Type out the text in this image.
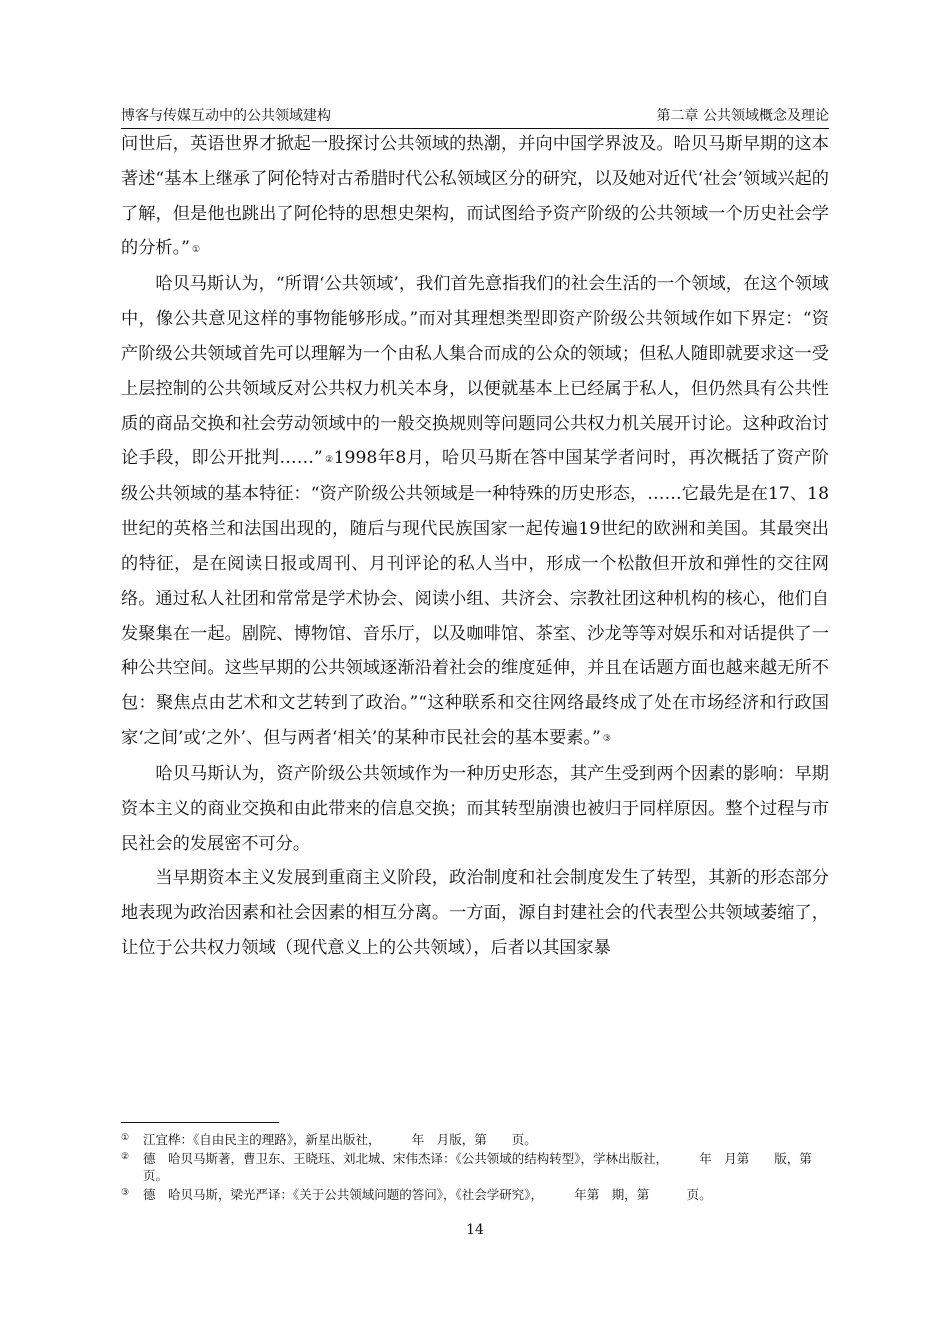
博客与传媒互动中的公共领域建构	第二章 公共领域概念及理论

问世后，英语世界才掀起一股探讨公共领域的热潮，并向中国学界波及。哈贝马斯早期的这本著述“基本上继承了阿伦特对古希腊时代公私领域区分的研究，以及她对近代‘社会’领域兴起的了解，但是他也跳出了阿伦特的思想史架构，而试图给予资产阶级的公共领域一个历史社会学的分析。” ①

哈贝马斯认为，“所谓‘公共领域’，我们首先意指我们的社会生活的一个领域，在这个领域中，像公共意见这样的事物能够形成。”而对其理想类型即资产阶级公共领域作如下界定：“资产阶级公共领域首先可以理解为一个由私人集合而成的公众的领域；但私人随即就要求这一受上层控制的公共领域反对公共权力机关本身，以便就基本上已经属于私人，但仍然具有公共性质的商品交换和社会劳动领域中的一般交换规则等问题同公共权力机关展开讨论。这种政治讨论手段，即公开批判……” ②1998年8月，哈贝马斯在答中国某学者问时，再次概括了资产阶级公共领域的基本特征：“资产阶级公共领域是一种特殊的历史形态，……它最先是在17、18世纪的英格兰和法国出现的，随后与现代民族国家一起传遍19世纪的欧洲和美国。其最突出的特征，是在阅读日报或周刊、月刊评论的私人当中，形成一个松散但开放和弹性的交往网络。通过私人社团和常常是学术协会、阅读小组、共济会、宗教社团这种机构的核心，他们自发聚集在一起。剧院、博物馆、音乐厅，以及咖啡馆、茶室、沙龙等等对娱乐和对话提供了一种公共空间。这些早期的公共领域逐渐沿着社会的维度延伸，并且在话题方面也越来越无所不包：聚焦点由艺术和文艺转到了政治。”“这种联系和交往网络最终成了处在市场经济和行政国家‘之间’或‘之外’、但与两者‘相关’的某种市民社会的基本要素。” ③

哈贝马斯认为，资产阶级公共领域作为一种历史形态，其产生受到两个因素的影响：早期资本主义的商业交换和由此带来的信息交换；而其转型崩溃也被归于同样原因。整个过程与市民社会的发展密不可分。

当早期资本主义发展到重商主义阶段，政治制度和社会制度发生了转型，其新的形态部分地表现为政治因素和社会因素的相互分离。一方面，源自封建社会的代表型公共领域萎缩了，让位于公共权力领域（现代意义上的公共领域），后者以其国家暴

① 江宜桦：《自由民主的理路》，新星出版社，　　　年　月版，第　　页。
② 德　哈贝马斯著，曹卫东、王晓珏、刘北城、宋伟杰译：《公共领域的结构转型》，学林出版社，　　　年　月第　　版，第　　页。
③ 德　哈贝马斯，梁光严译：《关于公共领域问题的答问》，《社会学研究》，　　　年第　期，第　　　页。
14
